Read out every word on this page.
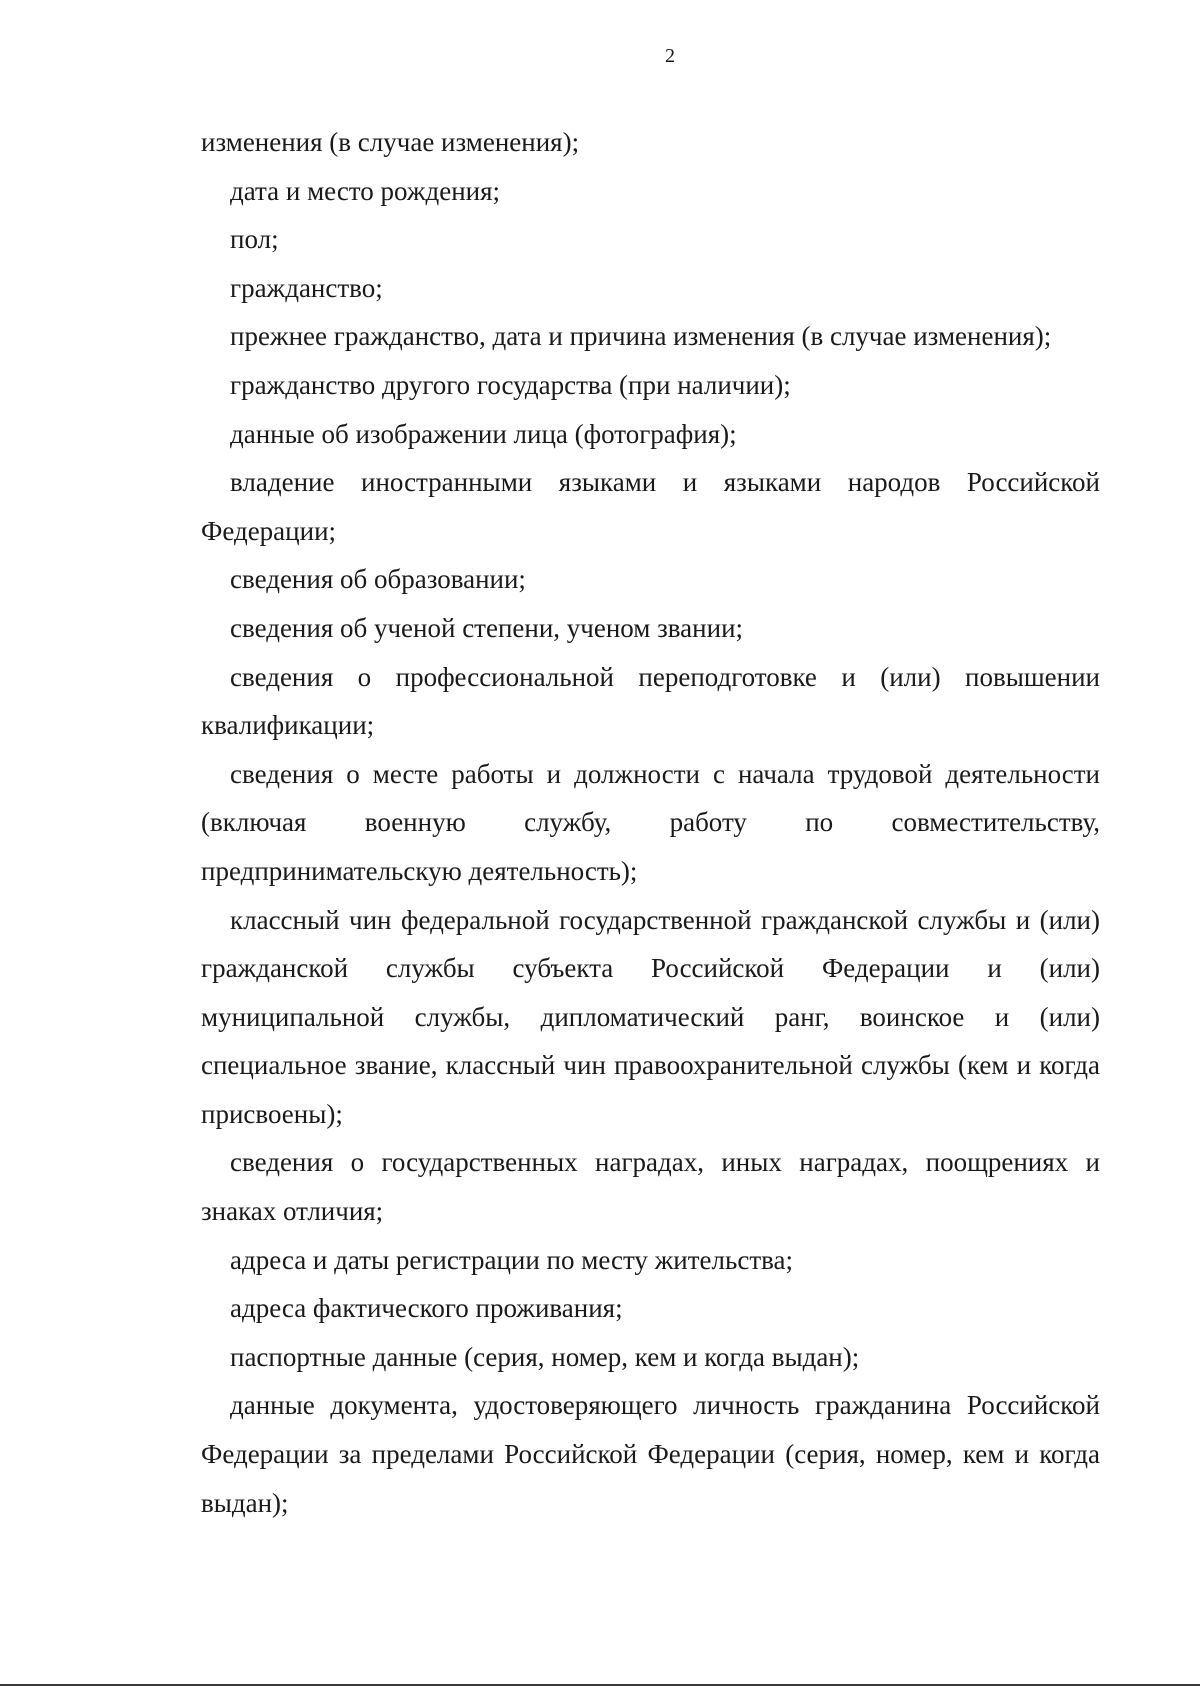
2

изменения (в случае изменения);

дата и место рождения;

пол;

гражданство;

прежнее гражданство, дата и причина изменения (в случае изменения);

гражданство другого государства (при наличии);

данные об изображении лица (фотография);

владение иностранными языками и языками народов Российской Федерации;

сведения об образовании;

сведения об ученой степени, ученом звании;

сведения о профессиональной переподготовке и (или) повышении квалификации;

сведения о месте работы и должности с начала трудовой деятельности (включая военную службу, работу по совместительству, предпринимательскую деятельность);

классный чин федеральной государственной гражданской службы и (или) гражданской службы субъекта Российской Федерации и (или) муниципальной службы, дипломатический ранг, воинское и (или) специальное звание, классный чин правоохранительной службы (кем и когда присвоены);

сведения о государственных наградах, иных наградах, поощрениях и знаках отличия;

адреса и даты регистрации по месту жительства;

адреса фактического проживания;

паспортные данные (серия, номер, кем и когда выдан);

данные документа, удостоверяющего личность гражданина Российской Федерации за пределами Российской Федерации (серия, номер, кем и когда выдан);
